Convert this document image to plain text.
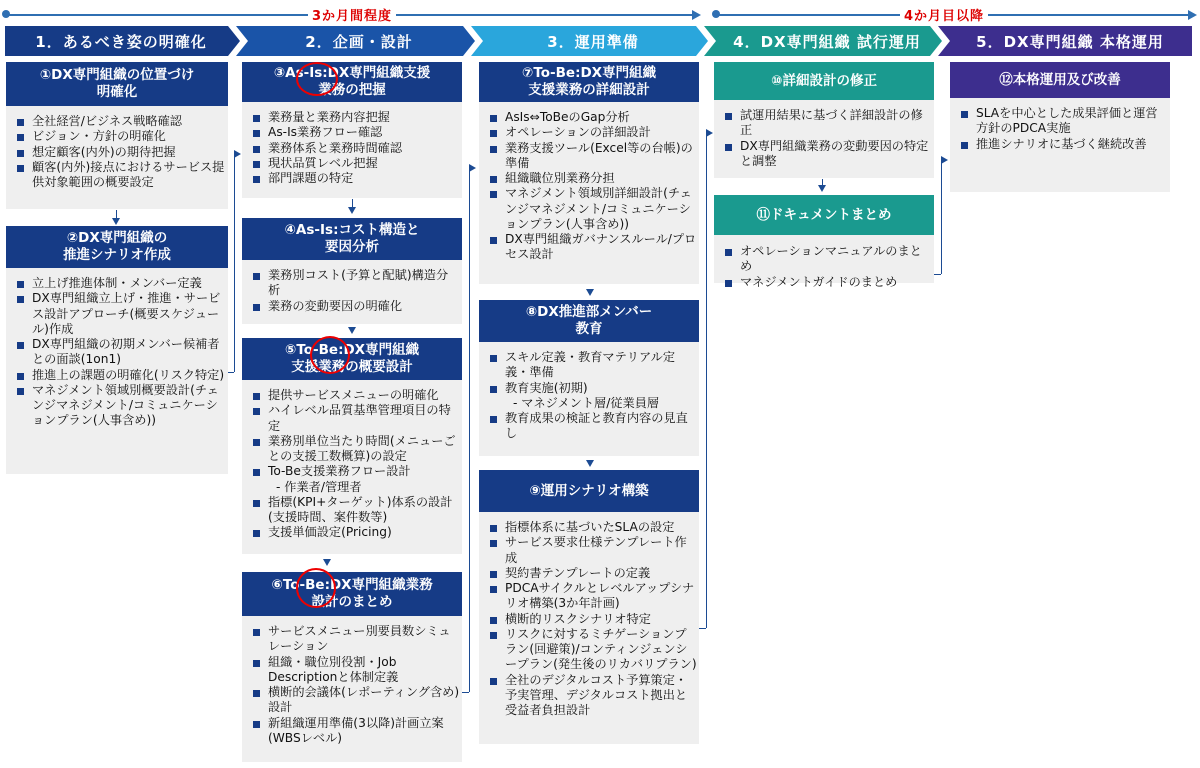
3か月間程度	4か月目以降
1．あるべき姿の明確化	2．企画・設計	3．運用準備	4．DX専門組織 試行運用	5．DX専門組織 本格運用
①DX専門組織の位置づけ
明確化
全社経営/ビジネス戦略確認
ビジョン・方針の明確化
想定顧客(内外)の期待把握
顧客(内外)接点におけるサービス提供対象範囲の概要設定
②DX専門組織の
推進シナリオ作成
立上げ推進体制・メンバー定義
DX専門組織立上げ・推進・サービス設計アプローチ(概要スケジュール)作成
DX専門組織の初期メンバー候補者との面談(1on1)
推進上の課題の明確化(リスク特定)
マネジメント領域別概要設計(チェンジマネジメント/コミュニケーションプラン(人事含め))
③As-Is:DX専門組織支援
業務の把握
業務量と業務内容把握
As-Is業務フロー確認
業務体系と業務時間確認
現状品質レベル把握
部門課題の特定
④As-Is:コスト構造と
要因分析
業務別コスト(予算と配賦)構造分析
業務の変動要因の明確化
⑤To-Be:DX専門組織
支援業務の概要設計
提供サービスメニューの明確化
ハイレベル品質基準管理項目の特定
業務別単位当たり時間(メニューごとの支援工数概算)の設定
To-Be支援業務フロー設計
- 作業者/管理者
指標(KPI+ターゲット)体系の設計(支援時間、案件数等)
支援単価設定(Pricing)
⑥To-Be:DX専門組織業務
設計のまとめ
サービスメニュー別要員数シミュレーション
組織・職位別役割・Job Descriptionと体制定義
横断的会議体(レポーティング含め)設計
新組織運用準備(3以降)計画立案(WBSレベル)
⑦To-Be:DX専門組織
支援業務の詳細設計
AsIs⇔ToBeのGap分析
オペレーションの詳細設計
業務支援ツール(Excel等の台帳)の準備
組織職位別業務分担
マネジメント領域別詳細設計(チェンジマネジメント/コミュニケーションプラン(人事含め))
DX専門組織ガバナンスルール/プロセス設計
⑧DX推進部メンバー
教育
スキル定義・教育マテリアル定義・準備
教育実施(初期)
- マネジメント層/従業員層
教育成果の検証と教育内容の見直し
⑨運用シナリオ構築
指標体系に基づいたSLAの設定
サービス要求仕様テンプレート作成
契約書テンプレートの定義
PDCAサイクルとレベルアップシナリオ構築(3か年計画)
横断的リスクシナリオ特定
リスクに対するミチゲーションプラン(回避策)/コンティンジェンシープラン(発生後のリカバリプラン)
全社のデジタルコスト予算策定・予実管理、デジタルコスト拠出と受益者負担設計
⑩詳細設計の修正
試運用結果に基づく詳細設計の修正
DX専門組織業務の変動要因の特定と調整
⑪ドキュメントまとめ
オペレーションマニュアルのまとめ
マネジメントガイドのまとめ
⑫本格運用及び改善
SLAを中心とした成果評価と運営方針のPDCA実施
推進シナリオに基づく継続改善
